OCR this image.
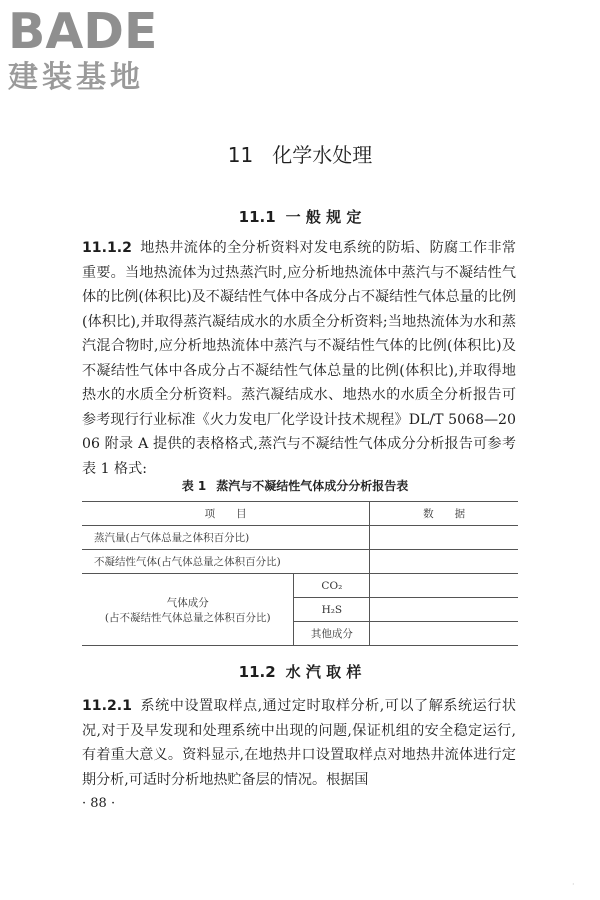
BADE
建装基地
11 化学水处理
11.1 一 般 规 定

11.1.2 地热井流体的全分析资料对发电系统的防垢、防腐工作非常重要。当地热流体为过热蒸汽时,应分析地热流体中蒸汽与不凝结性气体的比例(体积比)及不凝结性气体中各成分占不凝结性气体总量的比例(体积比),并取得蒸汽凝结成水的水质全分析资料;当地热流体为水和蒸汽混合物时,应分析地热流体中蒸汽与不凝结性气体的比例(体积比)及不凝结性气体中各成分占不凝结性气体总量的比例(体积比),并取得地热水的水质全分析资料。蒸汽凝结成水、地热水的水质全分析报告可参考现行行业标准《火力发电厂化学设计技术规程》DL/T 5068—2006 附录 A 提供的表格格式,蒸汽与不凝结性气体成分分析报告可参考表 1 格式:

表 1 蒸汽与不凝结性气体成分分析报告表
项　　目		数　　据
蒸汽量(占气体总量之体积百分比)		
不凝结性气体(占气体总量之体积百分比)		

气体成分
(占不凝结性气体总量之体积百分比)	CO₂	
	H₂S	
	其他成分	
11.2 水 汽 取 样

11.2.1 系统中设置取样点,通过定时取样分析,可以了解系统运行状况,对于及早发现和处理系统中出现的问题,保证机组的安全稳定运行,有着重大意义。资料显示,在地热井口设置取样点对地热井流体进行定期分析,可适时分析地热贮备层的情况。根据国

· 88 ·
·
